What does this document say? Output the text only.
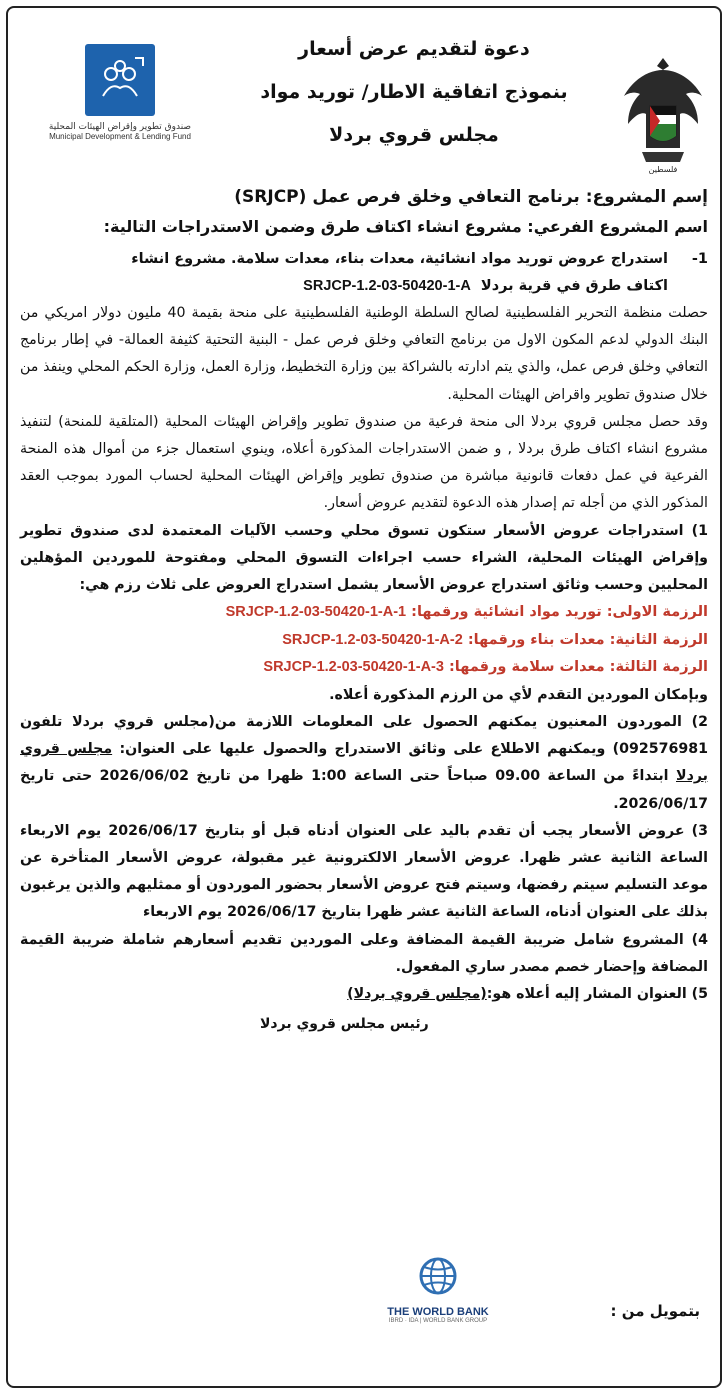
فلسطين
دعوة لتقديم عرض أسعار
بنموذج اتفاقية الاطار/ توريد مواد
مجلس قروي بردلا
صندوق تطوير وإقراض الهيئات المحلية
Municipal Development & Lending Fund
إسم المشروع: برنامج التعافي وخلق فرص عمل (SRJCP)
اسم المشروع الفرعي: مشروع انشاء اكتاف طرق وضمن الاستدراجات التالية:
1-استدراج عروض توريد مواد انشائية، معدات بناء، معدات سلامة. مشروع انشاء
اكتاف طرق في قرية بردلا  SRJCP-1.2-03-50420-1-A

حصلت منظمة التحرير الفلسطينية لصالح السلطة الوطنية الفلسطينية على منحة بقيمة 40 مليون دولار امريكي من البنك الدولي لدعم المكون الاول من برنامج التعافي وخلق فرص عمل - البنية التحتية كثيفة العمالة- في إطار برنامج التعافي وخلق فرص عمل، والذي يتم ادارته بالشراكة بين وزارة التخطيط، وزارة العمل، وزارة الحكم المحلي وينفذ من خلال صندوق تطوير واقراض الهيئات المحلية.

وقد حصل مجلس قروي بردلا الى منحة فرعية من صندوق تطوير وإقراض الهيئات المحلية (المتلقية للمنحة) لتنفيذ مشروع انشاء اكتاف طرق بردلا , و ضمن الاستدراجات المذكورة أعلاه، وينوي استعمال جزء من أموال هذه المنحة الفرعية في عمل دفعات قانونية مباشرة من صندوق تطوير وإقراض الهيئات المحلية لحساب المورد بموجب العقد المذكور الذي من أجله تم إصدار هذه الدعوة لتقديم عروض أسعار.

1) استدراجات عروض الأسعار ستكون تسوق محلي وحسب الآليات المعتمدة لدى صندوق تطوير وإقراض الهيئات المحلية، الشراء حسب اجراءات التسوق المحلي ومفتوحة للموردين المؤهلين المحليين وحسب وثائق استدراج عروض الأسعار يشمل استدراج العروض على ثلاث رزم هي:

الرزمة الاولى: توريد مواد انشائية ورقمها: SRJCP-1.2-03-50420-1-A-1
الرزمة الثانية: معدات بناء ورقمها: SRJCP-1.2-03-50420-1-A-2
الرزمة الثالثة: معدات سلامة ورقمها: SRJCP-1.2-03-50420-1-A-3

وبإمكان الموردين التقدم لأي من الرزم المذكورة أعلاه.

2) الموردون المعنيون يمكنهم الحصول على المعلومات اللازمة من(مجلس قروي بردلا تلفون 092576981) ويمكنهم الاطلاع على وثائق الاستدراج والحصول عليها على العنوان: مجلس قروي بردلا ابتداءً من الساعة 09.00 صباحاً حتى الساعة 1:00 ظهرا من تاريخ 2026/06/02 حتى تاريخ 2026/06/17.

3) عروض الأسعار يجب أن تقدم باليد على العنوان أدناه قبل أو بتاريخ 2026/06/17 يوم الاربعاء الساعة الثانية عشر ظهرا. عروض الأسعار الالكترونية غير مقبولة، عروض الأسعار المتأخرة عن موعد التسليم سيتم رفضها، وسيتم فتح عروض الأسعار بحضور الموردون أو ممثليهم والذين يرغبون بذلك على العنوان أدناه، الساعة الثانية عشر ظهرا بتاريخ 2026/06/17 يوم الاربعاء

4) المشروع شامل ضريبة القيمة المضافة وعلى الموردين تقديم أسعارهم شاملة ضريبة القيمة المضافة وإحضار خصم مصدر ساري المفعول.

5) العنوان المشار إليه أعلاه هو:(مجلس قروي بردلا)

رئيس مجلس قروي بردلا
بتمويل من :
THE WORLD BANK
IBRD · IDA | WORLD BANK GROUP
